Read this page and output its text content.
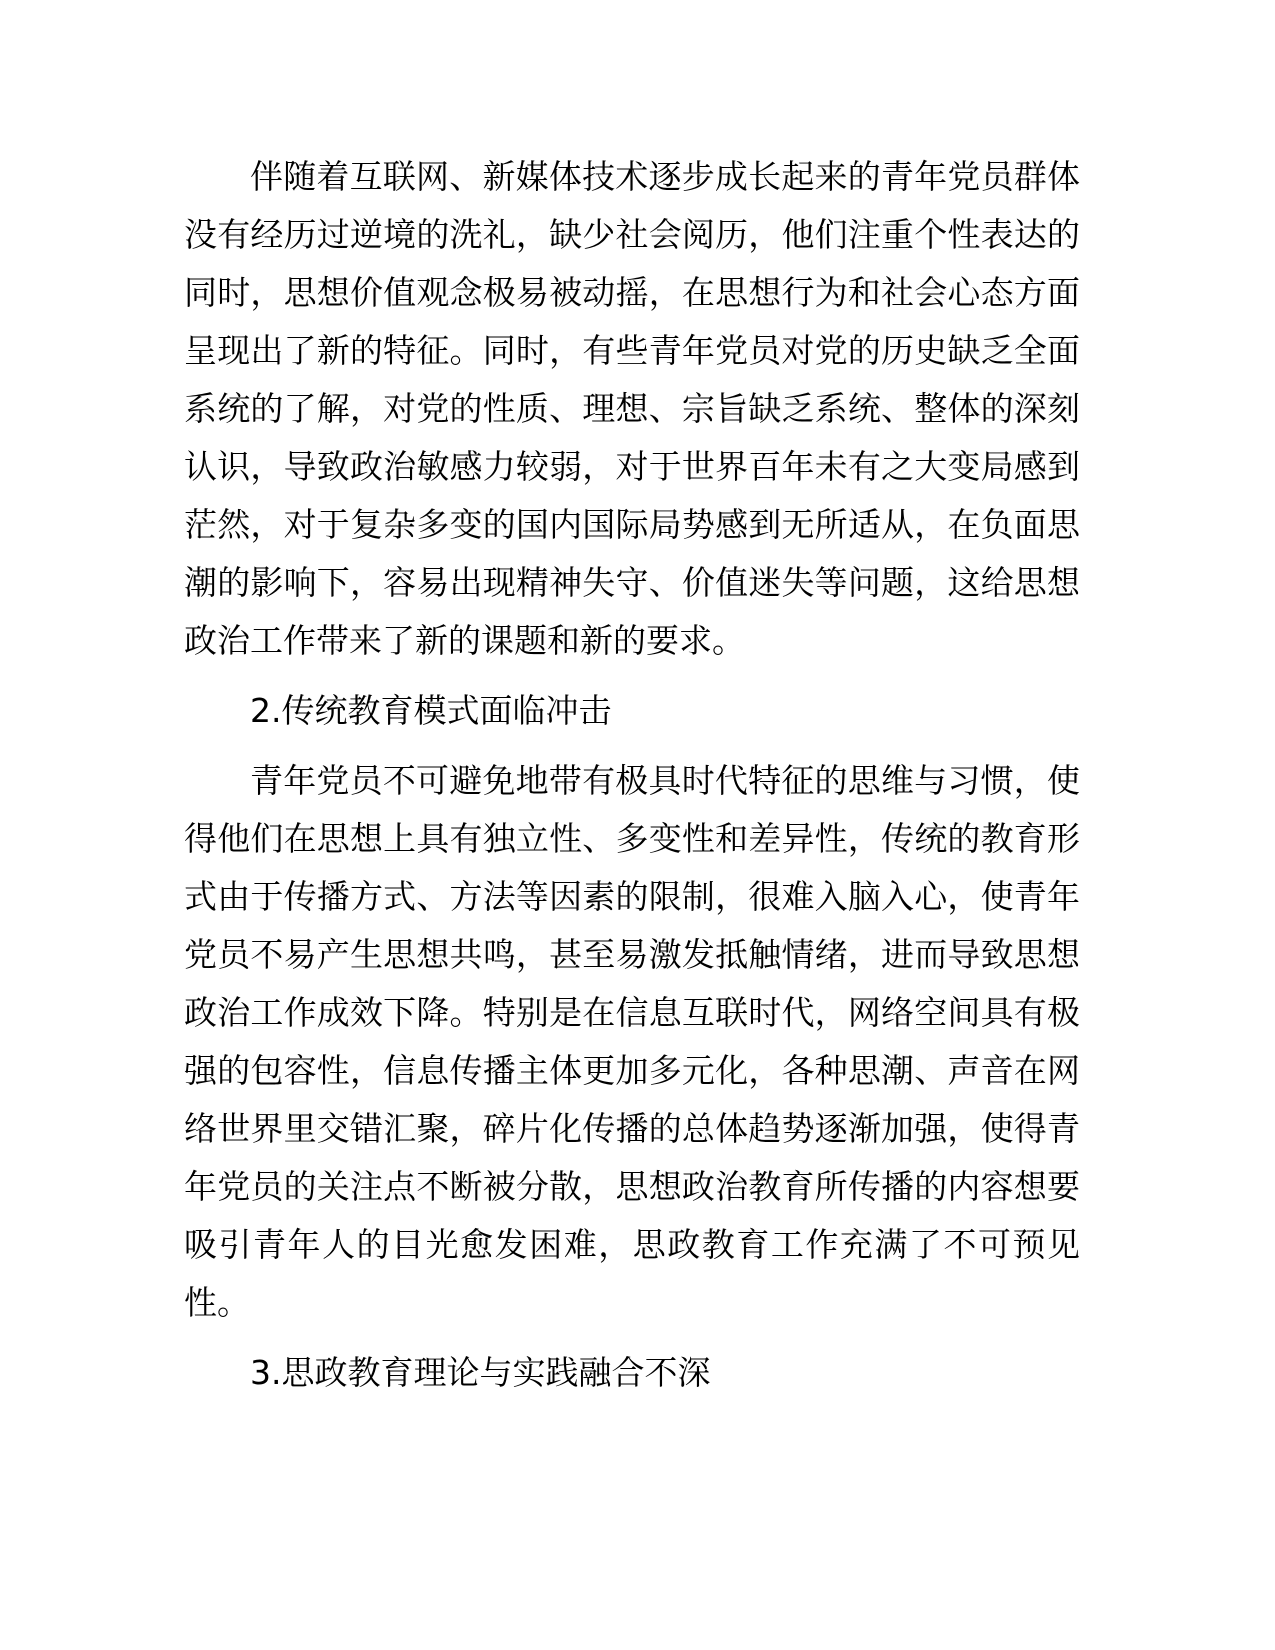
伴随着互联网、新媒体技术逐步成长起来的青年党员群体没有经历过逆境的洗礼，缺少社会阅历，他们注重个性表达的同时，思想价值观念极易被动摇，在思想行为和社会心态方面呈现出了新的特征。同时，有些青年党员对党的历史缺乏全面系统的了解，对党的性质、理想、宗旨缺乏系统、整体的深刻认识，导致政治敏感力较弱，对于世界百年未有之大变局感到茫然，对于复杂多变的国内国际局势感到无所适从，在负面思潮的影响下，容易出现精神失守、价值迷失等问题，这给思想政治工作带来了新的课题和新的要求。

2.传统教育模式面临冲击

青年党员不可避免地带有极具时代特征的思维与习惯，使得他们在思想上具有独立性、多变性和差异性，传统的教育形式由于传播方式、方法等因素的限制，很难入脑入心，使青年党员不易产生思想共鸣，甚至易激发抵触情绪，进而导致思想政治工作成效下降。特别是在信息互联时代，网络空间具有极强的包容性，信息传播主体更加多元化，各种思潮、声音在网络世界里交错汇聚，碎片化传播的总体趋势逐渐加强，使得青年党员的关注点不断被分散，思想政治教育所传播的内容想要吸引青年人的目光愈发困难，思政教育工作充满了不可预见性。

3.思政教育理论与实践融合不深
